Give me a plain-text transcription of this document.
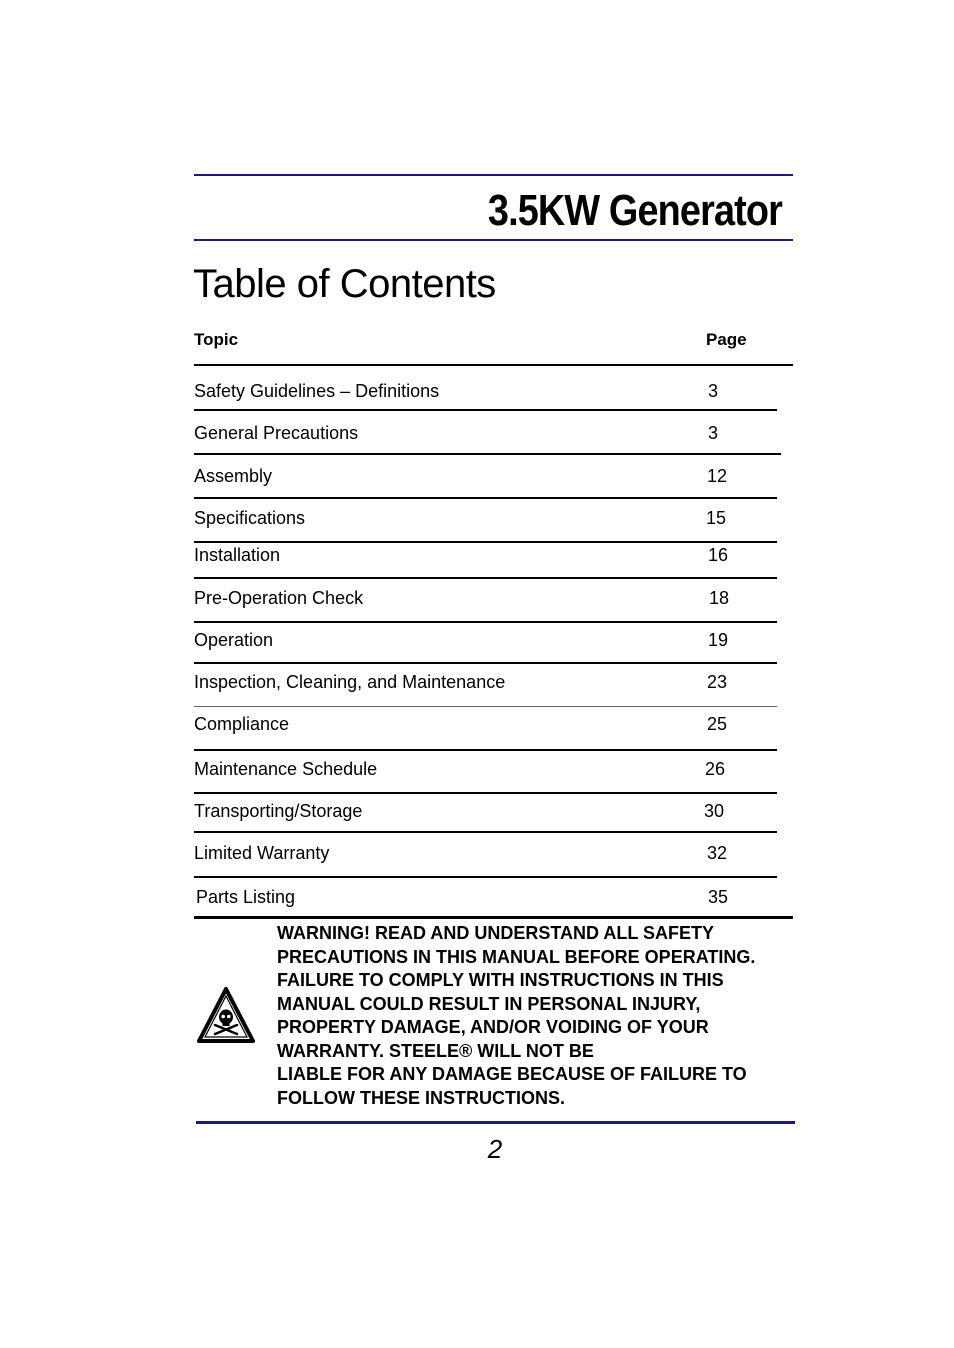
3.5KW Generator
Table of Contents
Topic	Page
Safety Guidelines – Definitions	3
General Precautions	3
Assembly	12
Specifications	15
Installation	16
Pre-Operation Check	18
Operation	19
Inspection, Cleaning, and Maintenance	23
Compliance	25
Maintenance Schedule	26
Transporting/Storage	30
Limited Warranty	32
Parts Listing	35
WARNING! READ AND UNDERSTAND ALL SAFETY
PRECAUTIONS IN THIS MANUAL BEFORE OPERATING.
FAILURE TO COMPLY WITH INSTRUCTIONS IN THIS
MANUAL COULD RESULT IN PERSONAL INJURY,
PROPERTY DAMAGE, AND/OR VOIDING OF YOUR
WARRANTY. STEELE® WILL NOT BE
LIABLE FOR ANY DAMAGE BECAUSE OF FAILURE TO
FOLLOW THESE INSTRUCTIONS.
2
